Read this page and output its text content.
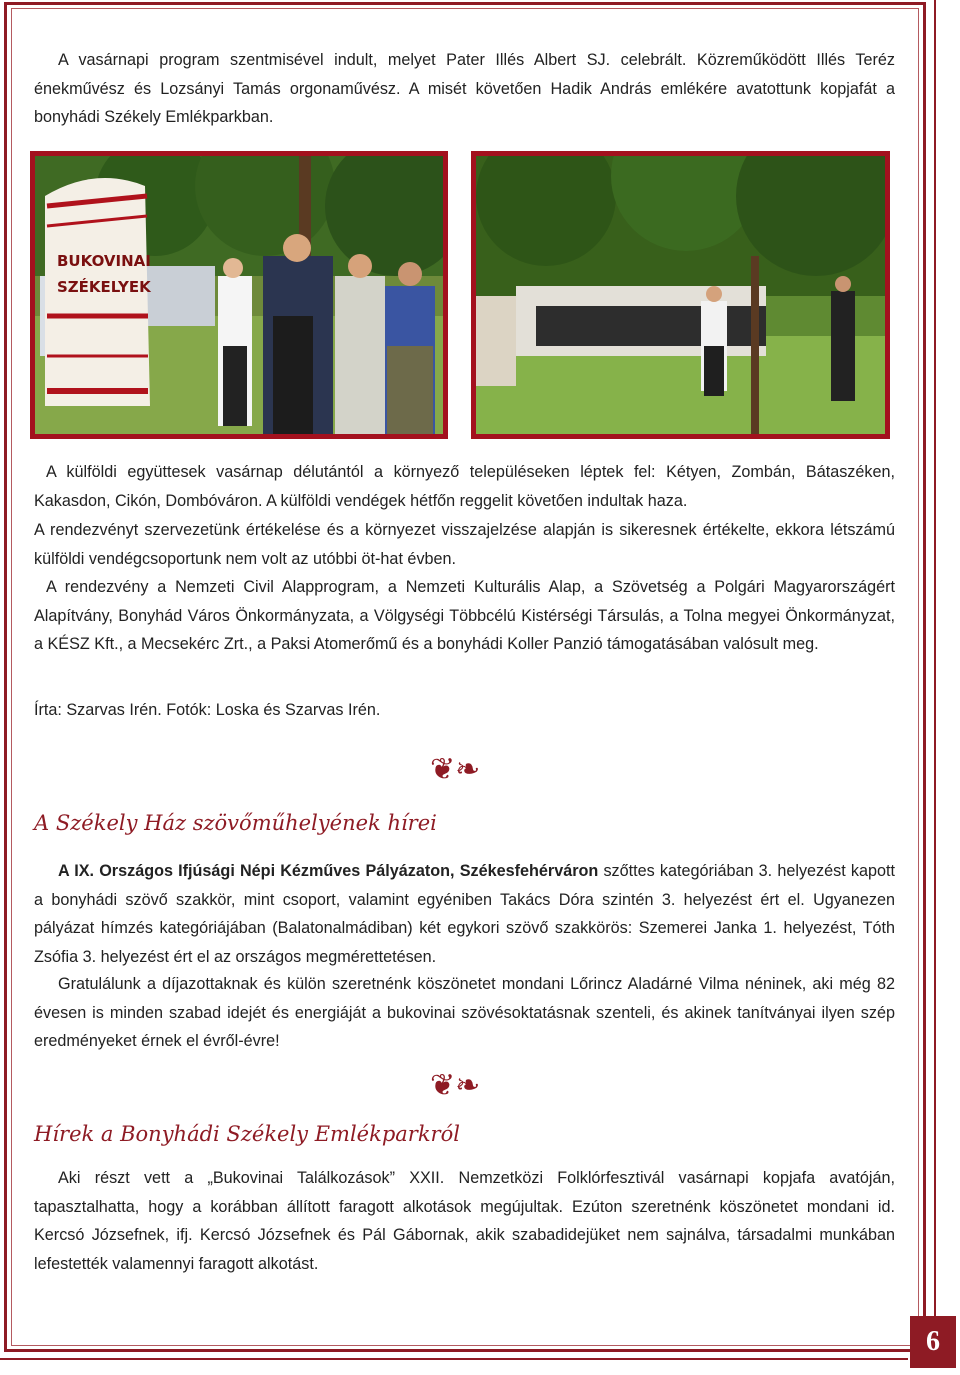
6
A vasárnapi program szentmisével indult, melyet Pater Illés Albert SJ. celebrált. Közreműködött Illés Teréz énekművész és Lozsányi Tamás orgonaművész. A misét követően Hadik András emlékére avatottunk kopjafát a bonyhádi Székely Emlékparkban.
BUKOVINAI
SZÉKELYEK
A külföldi együttesek vasárnap délutántól a környező településeken léptek fel: Kétyen, Zombán, Bátaszéken, Kakasdon, Cikón, Dombóváron. A külföldi vendégek hétfőn reggelit követően indultak haza.
A rendezvényt szervezetünk értékelése és a környezet visszajelzése alapján is sikeresnek értékelte, ekkora létszámú külföldi vendégcsoportunk nem volt az utóbbi öt-hat évben.
A rendezvény a Nemzeti Civil Alapprogram, a Nemzeti Kulturális Alap, a Szövetség a Polgári Magyarországért Alapítvány, Bonyhád Város Önkormányzata, a Völgységi Többcélú Kistérségi Társulás, a Tolna megyei Önkormányzat, a KÉSZ Kft., a Mecsekérc Zrt., a Paksi Atomerőmű és a bonyhádi Koller Panzió támogatásában valósult meg.
Írta: Szarvas Irén. Fotók: Loska és Szarvas Irén.
❦❧
A Székely Ház szövőműhelyének hírei
A IX. Országos Ifjúsági Népi Kézműves Pályázaton, Székesfehérváron szőttes kategóriában 3. helyezést kapott a bonyhádi szövő szakkör, mint csoport, valamint egyéniben Takács Dóra szintén 3. helyezést ért el. Ugyanezen pályázat hímzés kategóriájában (Balatonalmádiban) két egykori szövő szakkörös: Szemerei Janka 1. helyezést, Tóth Zsófia 3. helyezést ért el az országos megmérettetésen.
Gratulálunk a díjazottaknak és külön szeretnénk köszönetet mondani Lőrincz Aladárné Vilma néninek, aki még 82 évesen is minden szabad idejét és energiáját a bukovinai szövésoktatásnak szenteli, és akinek tanítványai ilyen szép eredményeket érnek el évről-évre!
❦❧
Hírek a Bonyhádi Székely Emlékparkról
Aki részt vett a „Bukovinai Találkozások” XXII. Nemzetközi Folklórfesztivál vasárnapi kopjafa avatóján, tapasztalhatta, hogy a korábban állított faragott alkotások megújultak. Ezúton szeretnénk köszönetet mondani id. Kercsó Józsefnek, ifj. Kercsó Józsefnek és Pál Gábornak, akik szabadidejüket nem sajnálva, társadalmi munkában lefestették valamennyi faragott alkotást.
